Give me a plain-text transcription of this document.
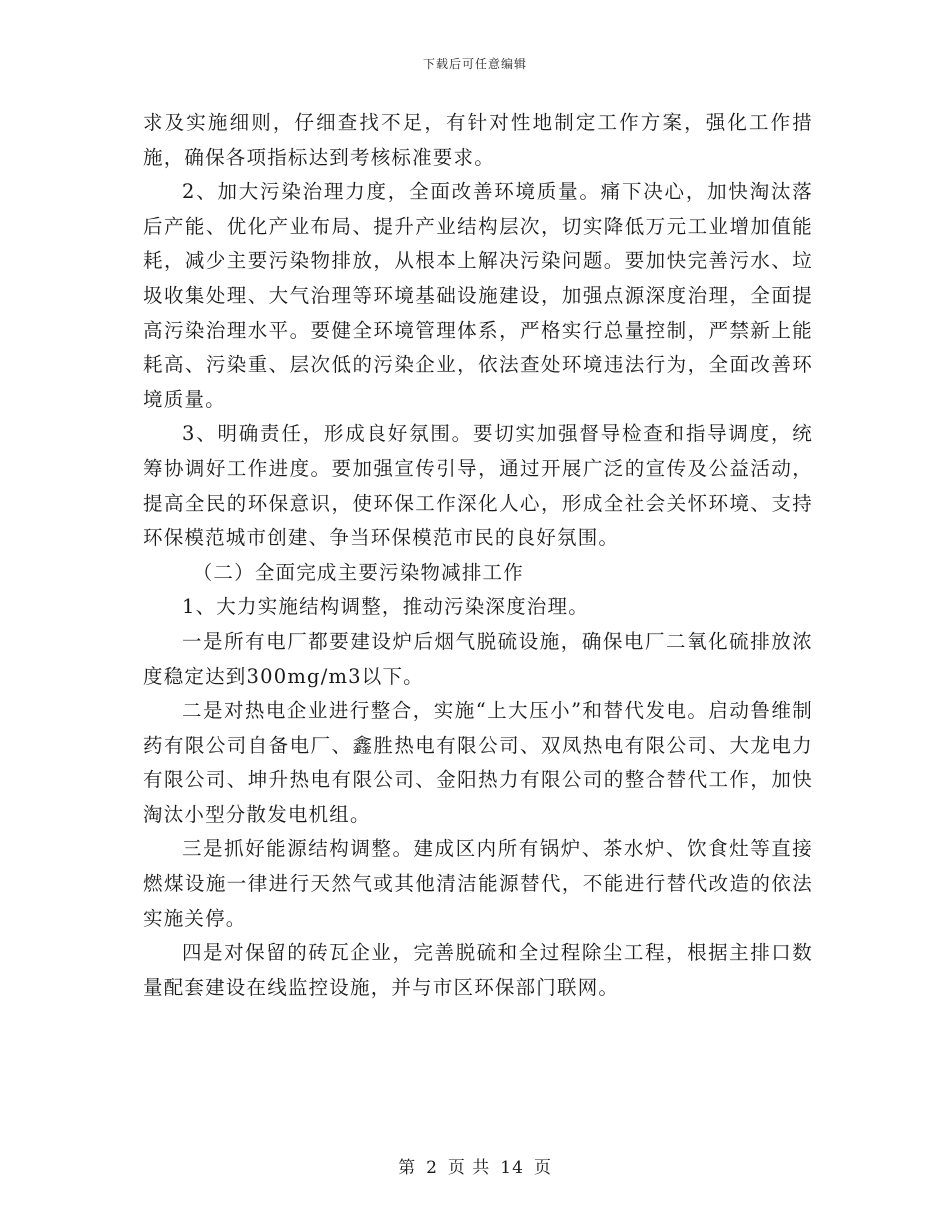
下载后可任意编辑

求及实施细则，仔细查找不足，有针对性地制定工作方案，强化工作措施，确保各项指标达到考核标准要求。

2、加大污染治理力度，全面改善环境质量。痛下决心，加快淘汰落后产能、优化产业布局、提升产业结构层次，切实降低万元工业增加值能耗，减少主要污染物排放，从根本上解决污染问题。要加快完善污水、垃圾收集处理、大气治理等环境基础设施建设，加强点源深度治理，全面提高污染治理水平。要健全环境管理体系，严格实行总量控制，严禁新上能耗高、污染重、层次低的污染企业，依法查处环境违法行为，全面改善环境质量。

3、明确责任，形成良好氛围。要切实加强督导检查和指导调度，统筹协调好工作进度。要加强宣传引导，通过开展广泛的宣传及公益活动，提高全民的环保意识，使环保工作深化人心，形成全社会关怀环境、支持环保模范城市创建、争当环保模范市民的良好氛围。

（二）全面完成主要污染物减排工作

1、大力实施结构调整，推动污染深度治理。

一是所有电厂都要建设炉后烟气脱硫设施，确保电厂二氧化硫排放浓度稳定达到300mg/m3以下。

二是对热电企业进行整合，实施“上大压小”和替代发电。启动鲁维制药有限公司自备电厂、鑫胜热电有限公司、双凤热电有限公司、大龙电力有限公司、坤升热电有限公司、金阳热力有限公司的整合替代工作，加快淘汰小型分散发电机组。

三是抓好能源结构调整。建成区内所有锅炉、茶水炉、饮食灶等直接燃煤设施一律进行天然气或其他清洁能源替代，不能进行替代改造的依法实施关停。

四是对保留的砖瓦企业，完善脱硫和全过程除尘工程，根据主排口数量配套建设在线监控设施，并与市区环保部门联网。

第 2 页 共 14 页
